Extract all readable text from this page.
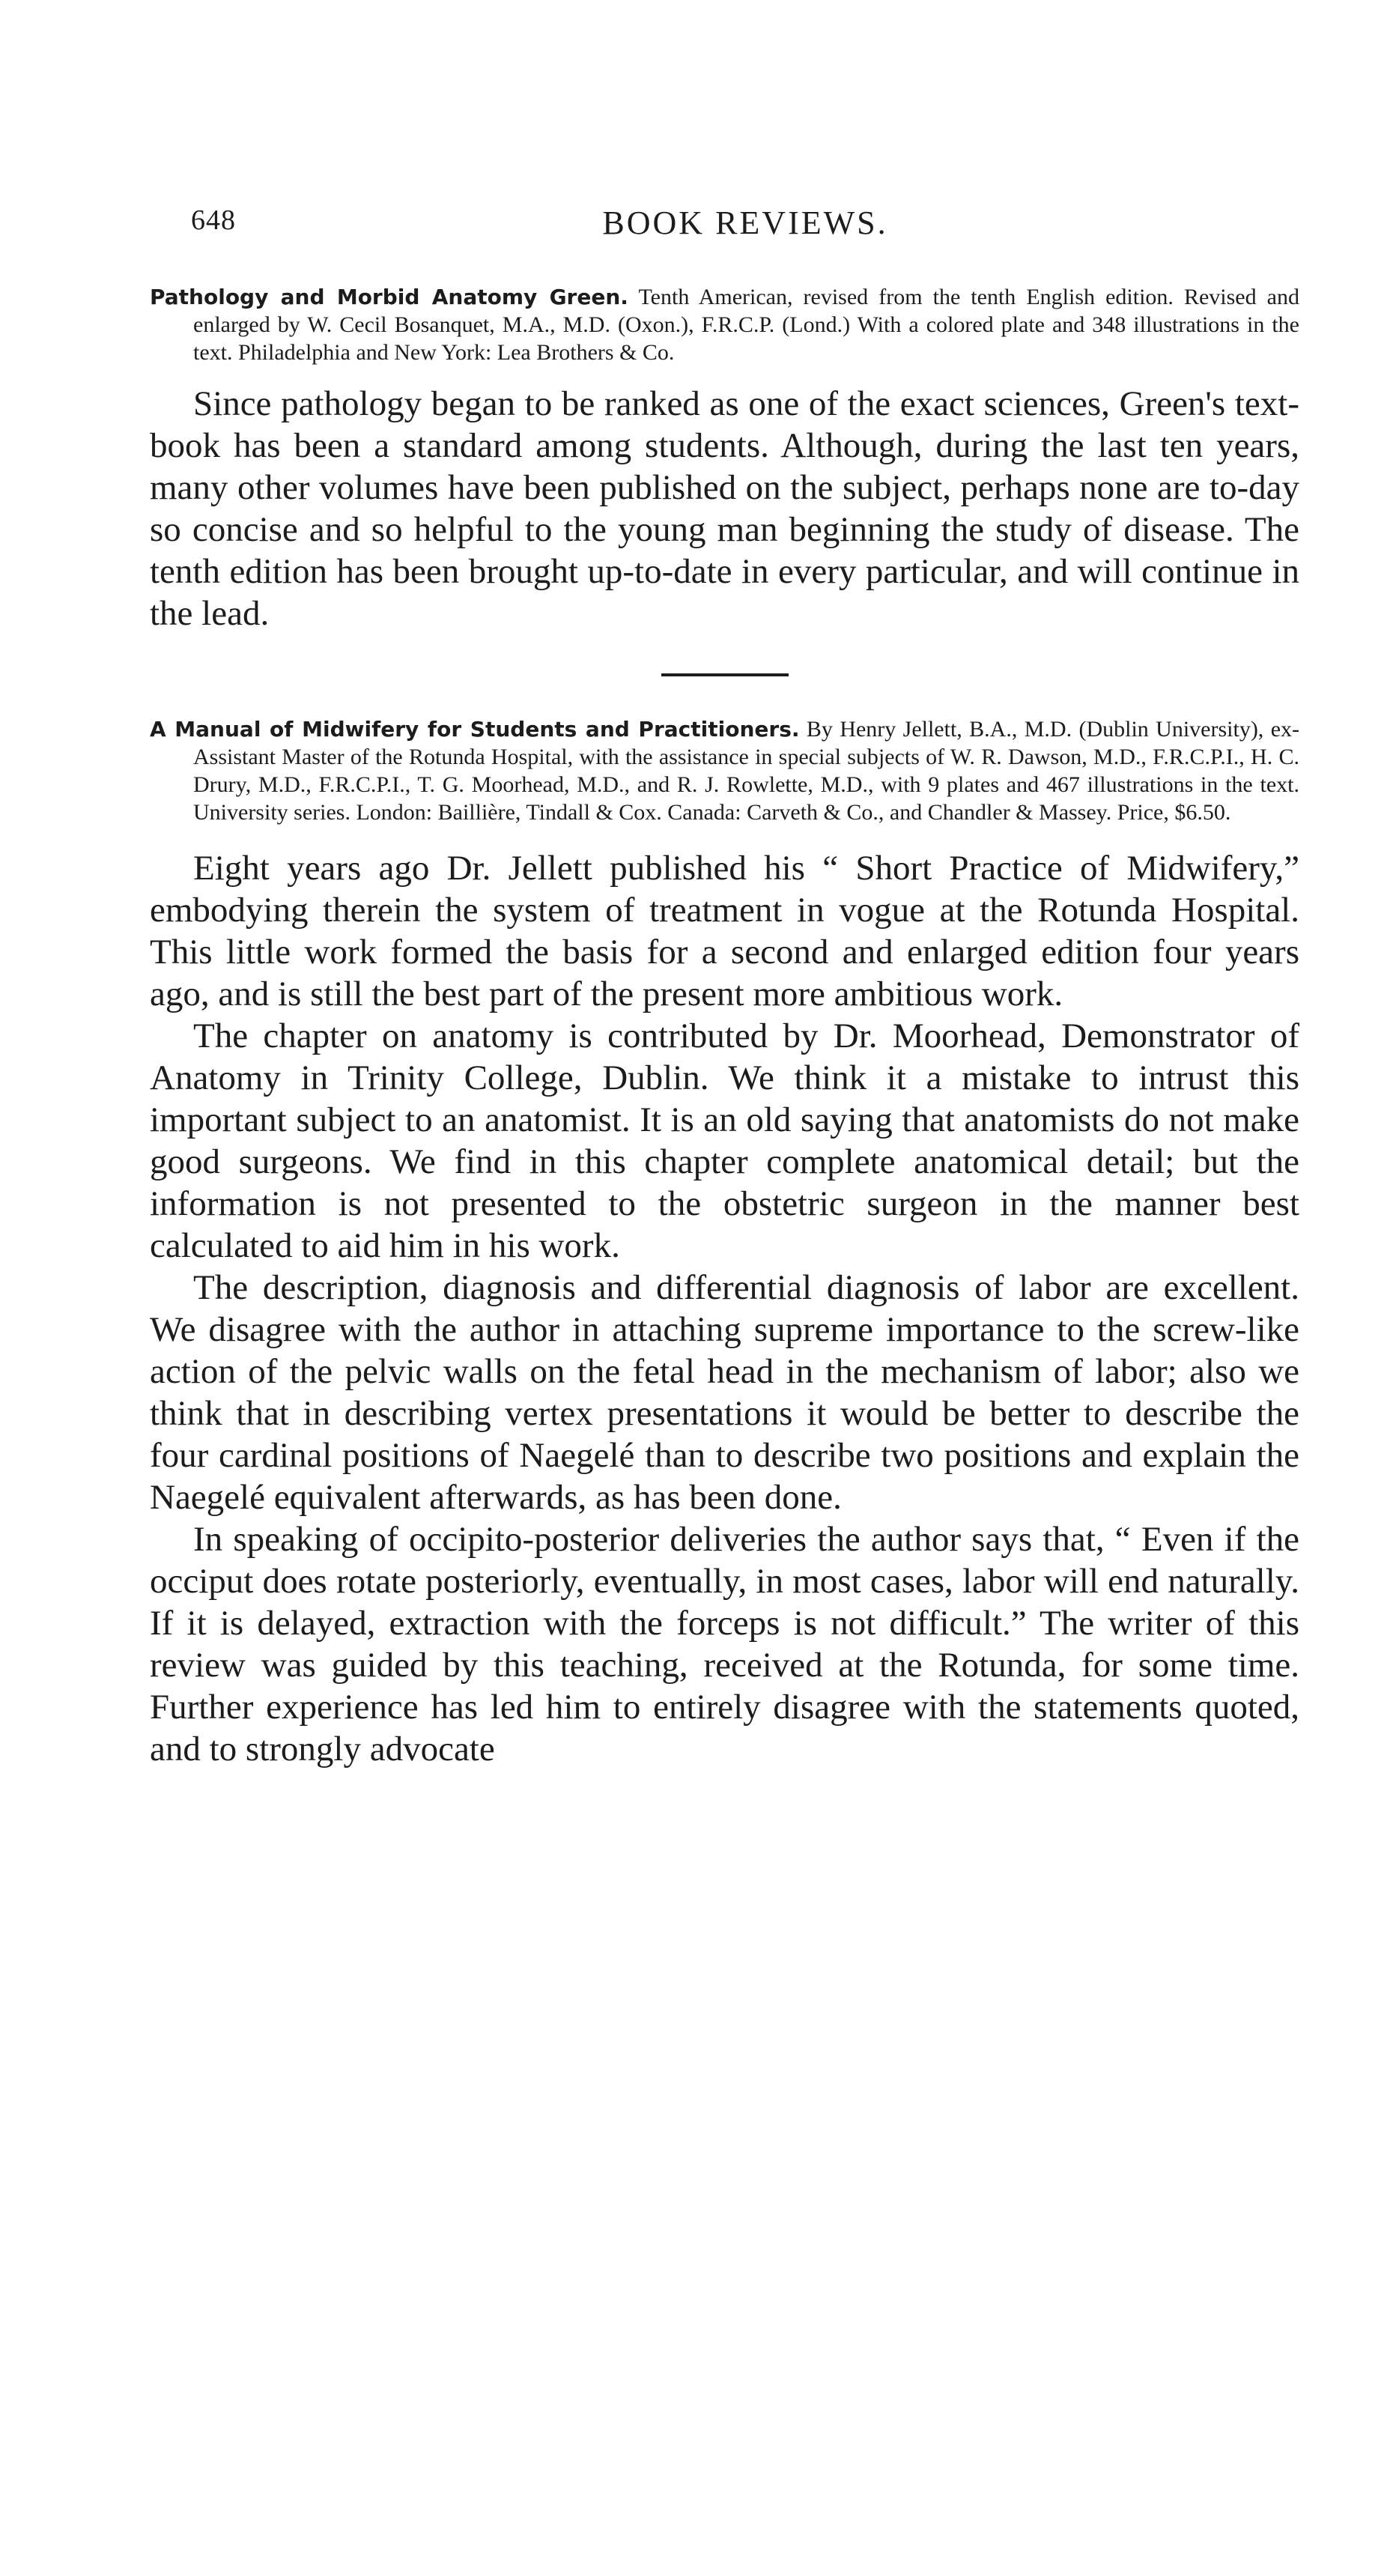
648	BOOK REVIEWS.

Pathology and Morbid Anatomy Green. Tenth American, revised from the tenth English edition. Revised and enlarged by W. Cecil Bosanquet, M.A., M.D. (Oxon.), F.R.C.P. (Lond.) With a colored plate and 348 illustrations in the text. Philadelphia and New York: Lea Brothers & Co.

Since pathology began to be ranked as one of the exact sciences, Green's text-book has been a standard among students. Although, during the last ten years, many other volumes have been published on the subject, perhaps none are to-day so concise and so helpful to the young man beginning the study of disease. The tenth edition has been brought up-to-date in every particular, and will continue in the lead.

A Manual of Midwifery for Students and Practitioners. By Henry Jellett, B.A., M.D. (Dublin University), ex-Assistant Master of the Rotunda Hospital, with the assistance in special subjects of W. R. Dawson, M.D., F.R.C.P.I., H. C. Drury, M.D., F.R.C.P.I., T. G. Moorhead, M.D., and R. J. Rowlette, M.D., with 9 plates and 467 illustrations in the text. University series. London: Baillière, Tindall & Cox. Canada: Carveth & Co., and Chandler & Massey. Price, $6.50.

Eight years ago Dr. Jellett published his “ Short Practice of Midwifery,” embodying therein the system of treatment in vogue at the Rotunda Hospital. This little work formed the basis for a second and enlarged edition four years ago, and is still the best part of the present more ambitious work.

The chapter on anatomy is contributed by Dr. Moorhead, Demonstrator of Anatomy in Trinity College, Dublin. We think it a mistake to intrust this important subject to an anatomist. It is an old saying that anatomists do not make good surgeons. We find in this chapter complete anatomical detail; but the information is not presented to the obstetric surgeon in the manner best calculated to aid him in his work.

The description, diagnosis and differential diagnosis of labor are excellent. We disagree with the author in attaching supreme importance to the screw-like action of the pelvic walls on the fetal head in the mechanism of labor; also we think that in describing vertex presentations it would be better to describe the four cardinal positions of Naegelé than to describe two positions and explain the Naegelé equivalent afterwards, as has been done.

In speaking of occipito-posterior deliveries the author says that, “ Even if the occiput does rotate posteriorly, eventually, in most cases, labor will end naturally. If it is delayed, extraction with the forceps is not difficult.” The writer of this review was guided by this teaching, received at the Rotunda, for some time. Further experience has led him to entirely disagree with the statements quoted, and to strongly advocate
